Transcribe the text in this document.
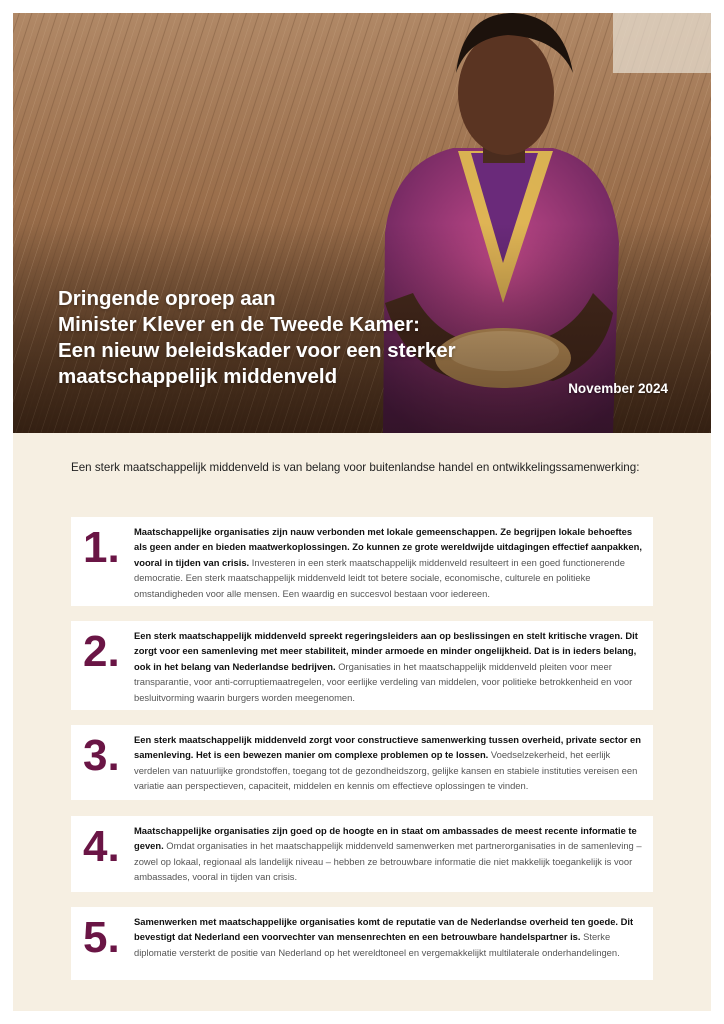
Dringende oproep aan
Minister Klever en de Tweede Kamer:
Een nieuw beleidskader voor een sterker
maatschappelijk middenveld
November 2024
Een sterk maatschappelijk middenveld is van belang voor buitenlandse handel en ontwikkelingssamenwerking:
1. Maatschappelijke organisaties zijn nauw verbonden met lokale gemeenschappen. Ze begrijpen lokale behoeftes als geen ander en bieden maatwerkoplossingen. Zo kunnen ze grote wereldwijde uitdagingen effectief aanpakken, vooral in tijden van crisis. Investeren in een sterk maatschappelijk middenveld resulteert in een goed functionerende democratie. Een sterk maatschappelijk middenveld leidt tot betere sociale, economische, culturele en politieke omstandigheden voor alle mensen. Een waardig en succesvol bestaan voor iedereen.
2. Een sterk maatschappelijk middenveld spreekt regeringsleiders aan op beslissingen en stelt kritische vragen. Dit zorgt voor een samenleving met meer stabiliteit, minder armoede en minder ongelijkheid. Dat is in ieders belang, ook in het belang van Nederlandse bedrijven. Organisaties in het maatschappelijk middenveld pleiten voor meer transparantie, voor anti-corruptiemaatregelen, voor eerlijke verdeling van middelen, voor politieke betrokkenheid en voor besluitvorming waarin burgers worden meegenomen.
3. Een sterk maatschappelijk middenveld zorgt voor constructieve samenwerking tussen overheid, private sector en samenleving. Het is een bewezen manier om complexe problemen op te lossen. Voedselzekerheid, het eerlijk verdelen van natuurlijke grondstoffen, toegang tot de gezondheidszorg, gelijke kansen en stabiele instituties vereisen een variatie aan perspectieven, capaciteit, middelen en kennis om effectieve oplossingen te vinden.
4. Maatschappelijke organisaties zijn goed op de hoogte en in staat om ambassades de meest recente informatie te geven. Omdat organisaties in het maatschappelijk middenveld samenwerken met partnerorganisaties in de samenleving – zowel op lokaal, regionaal als landelijk niveau – hebben ze betrouwbare informatie die niet makkelijk toegankelijk is voor ambassades, vooral in tijden van crisis.
5. Samenwerken met maatschappelijke organisaties komt de reputatie van de Nederlandse overheid ten goede. Dit bevestigt dat Nederland een voorvechter van mensenrechten en een betrouwbare handelspartner is. Sterke diplomatie versterkt de positie van Nederland op het wereldtoneel en vergemakkelijkt multilaterale onderhandelingen.
